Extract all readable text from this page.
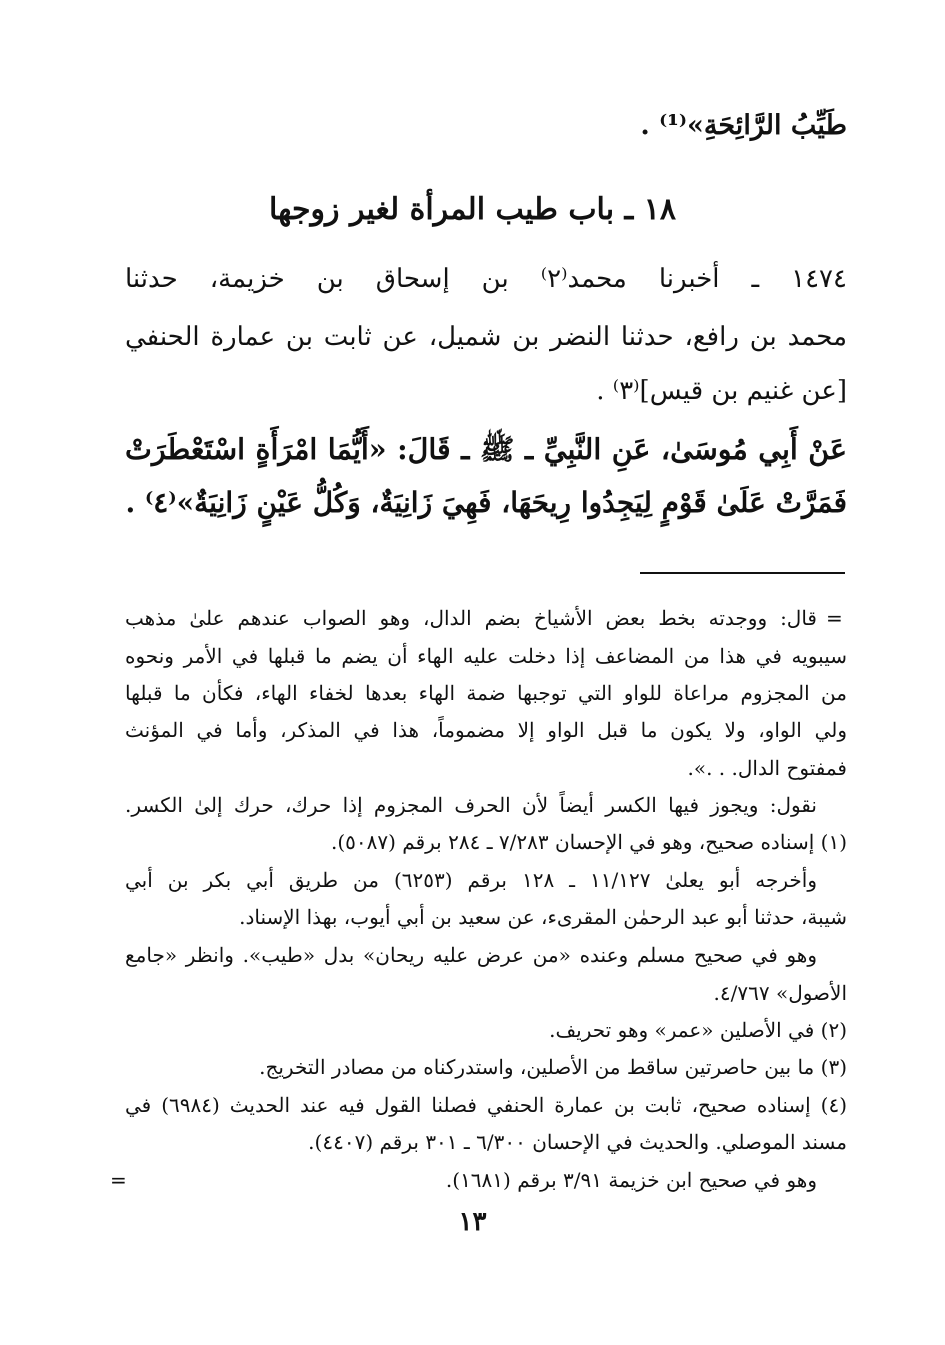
طَيِّبُ الرَّائِحَةِ»⁽¹⁾ .
١٨ ـ باب طيب المرأة لغير زوجها
١٤٧٤ ـ أخبرنا محمد⁽٢⁾ بن إسحاق بن خزيمة، حدثنا
محمد بن رافع، حدثنا النضر بن شميل، عن ثابت بن عمارة الحنفي
[عن غنيم بن قيس]⁽٣⁾ .
عَنْ أَبِي مُوسَىٰ، عَنِ النَّبِيِّ ـ ﷺ ـ قَالَ: «أَيُّمَا امْرَأَةٍ اسْتَعْطَرَتْ
فَمَرَّتْ عَلَىٰ قَوْمٍ لِيَجِدُوا رِيحَهَا، فَهِيَ زَانِيَةٌ، وَكُلُّ عَيْنٍ زَانِيَةٌ»⁽٤⁾ .
=
قال: ووجدته بخط بعض الأشياخ بضم الدال، وهو الصواب عندهم علىٰ مذهب
سيبويه في هذا من المضاعف إذا دخلت عليه الهاء أن يضم ما قبلها في الأمر ونحوه
من المجزوم مراعاة للواو التي توجبها ضمة الهاء بعدها لخفاء الهاء، فكأن ما قبلها
ولي الواو، ولا يكون ما قبل الواو إلا مضموماً، هذا في المذكر، وأما في المؤنث
فمفتوح الدال. . .».
نقول: ويجوز فيها الكسر أيضاً لأن الحرف المجزوم إذا حرك، حرك إلىٰ الكسر.
(١) إسناده صحيح، وهو في الإحسان ٧/٢٨٣ ـ ٢٨٤ برقم (٥٠٨٧).
وأخرجه أبو يعلىٰ ١١/١٢٧ ـ ١٢٨ برقم (٦٢٥٣) من طريق أبي بكر بن أبي
شيبة، حدثنا أبو عبد الرحمٰن المقرىء، عن سعيد بن أبي أيوب، بهذا الإسناد.
وهو في صحيح مسلم وعنده «من عرض عليه ريحان» بدل «طيب». وانظر «جامع
الأصول» ٤/٧٦٧.
(٢) في الأصلين «عمر» وهو تحريف.
(٣) ما بين حاصرتين ساقط من الأصلين، واستدركناه من مصادر التخريج.
(٤) إسناده صحيح، ثابت بن عمارة الحنفي فصلنا القول فيه عند الحديث (٦٩٨٤) في
مسند الموصلي. والحديث في الإحسان ٦/٣٠٠ ـ ٣٠١ برقم (٤٤٠٧).
وهو في صحيح ابن خزيمة ٣/٩١ برقم (١٦٨١).
=
١٣
